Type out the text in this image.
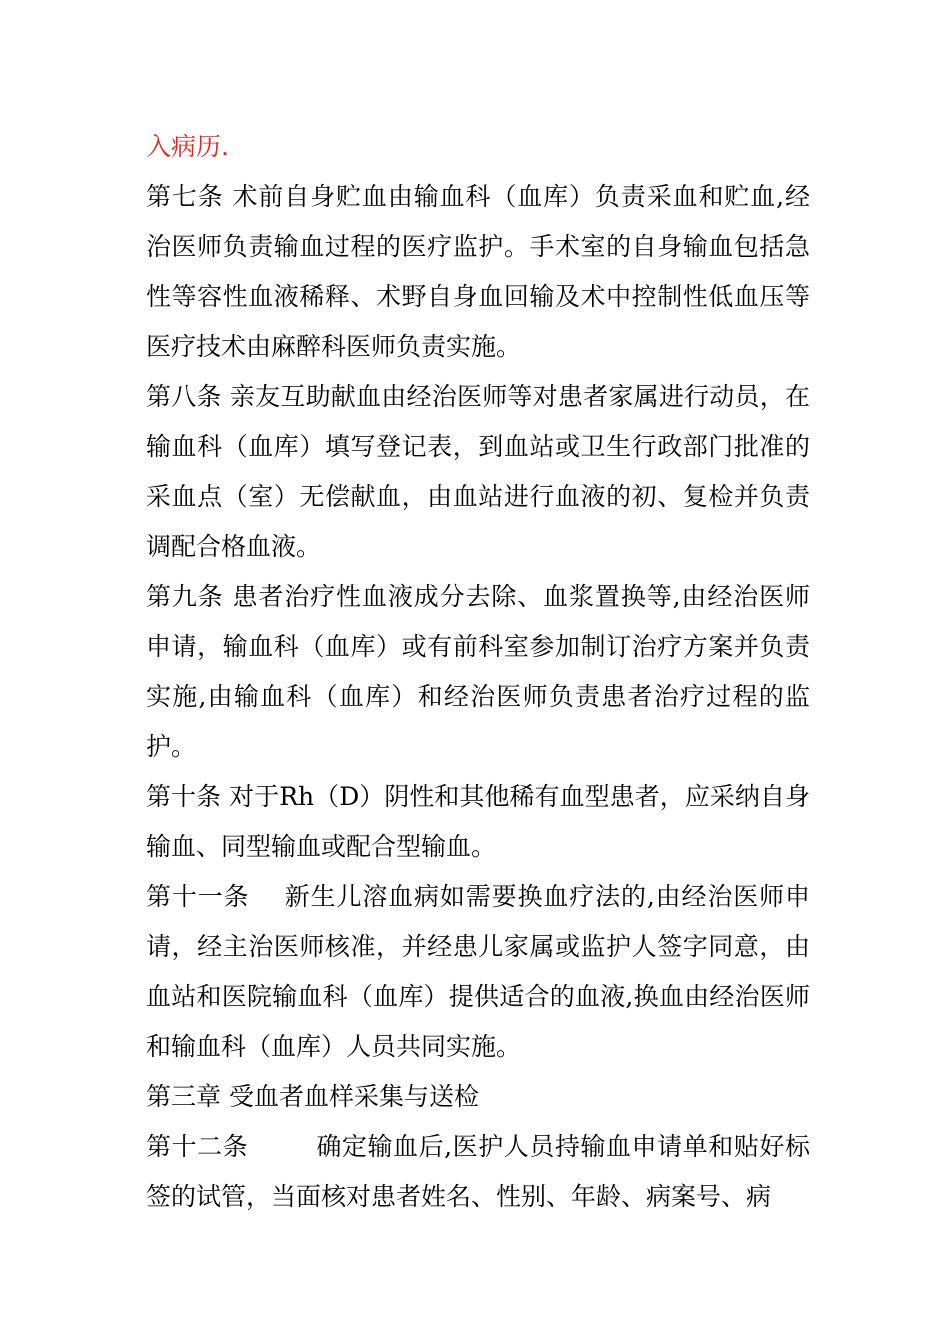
入病历.

第七条 术前自身贮血由输血科（血库）负责采血和贮血,经治医师负责输血过程的医疗监护。手术室的自身输血包括急性等容性血液稀释、术野自身血回输及术中控制性低血压等医疗技术由麻醉科医师负责实施。

第八条 亲友互助献血由经治医师等对患者家属进行动员，在输血科（血库）填写登记表，到血站或卫生行政部门批准的采血点（室）无偿献血，由血站进行血液的初、复检并负责调配合格血液。

第九条 患者治疗性血液成分去除、血浆置换等,由经治医师申请，输血科（血库）或有前科室参加制订治疗方案并负责实施,由输血科（血库）和经治医师负责患者治疗过程的监护。

第十条 对于Rh（D）阴性和其他稀有血型患者，应采纳自身输血、同型输血或配合型输血。

第十一条    新生儿溶血病如需要换血疗法的,由经治医师申请，经主治医师核准，并经患儿家属或监护人签字同意，由血站和医院输血科（血库）提供适合的血液,换血由经治医师和输血科（血库）人员共同实施。

第三章 受血者血样采集与送检

第十二条        确定输血后,医护人员持输血申请单和贴好标签的试管，当面核对患者姓名、性别、年龄、病案号、病
